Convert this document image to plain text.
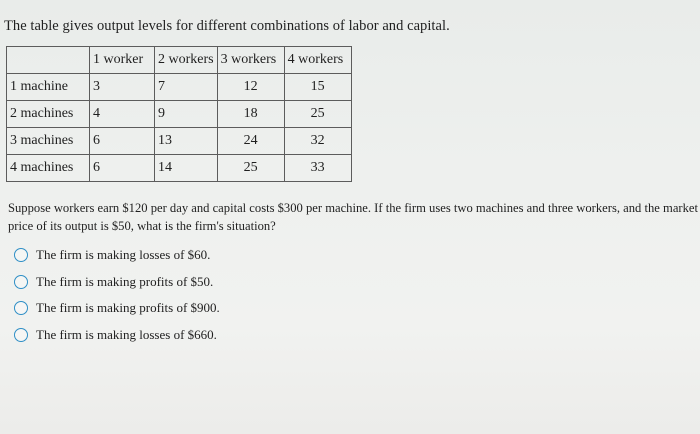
The table gives output levels for different combinations of labor and capital.
	1 worker	2 workers	3 workers	4 workers
1 machine	3	7	12	15
2 machines	4	9	18	25
3 machines	6	13	24	32
4 machines	6	14	25	33
Suppose workers earn $120 per day and capital costs $300 per machine. If the firm uses two machines and three workers, and the market price of its output is $50, what is the firm's situation?
The firm is making losses of $60.
The firm is making profits of $50.
The firm is making profits of $900.
The firm is making losses of $660.
